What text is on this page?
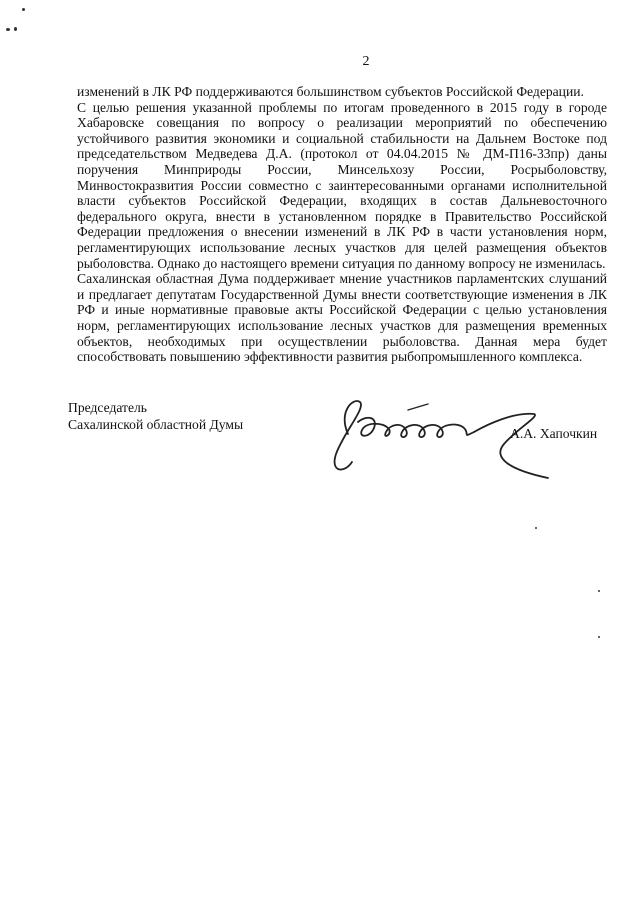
2

изменений в ЛК РФ поддерживаются большинством субъектов Российской Федерации.

С целью решения указанной проблемы по итогам проведенного в 2015 году в городе Хабаровске совещания по вопросу о реализации мероприятий по обеспечению устойчивого развития экономики и социальной стабильности на Дальнем Востоке под председательством Медведева Д.А. (протокол от 04.04.2015 № ДМ-П16-33пр) даны поручения Минприроды России, Минсельхозу России, Росрыболовству, Минвостокразвития России совместно с заинтересованными органами исполнительной власти субъектов Российской Федерации, входящих в состав Дальневосточного федерального округа, внести в установленном порядке в Правительство Российской Федерации предложения о внесении изменений в ЛК РФ в части установления норм, регламентирующих использование лесных участков для целей размещения объектов рыболовства. Однако до настоящего времени ситуация по данному вопросу не изменилась.

Сахалинская областная Дума поддерживает мнение участников парламентских слушаний и предлагает депутатам Государственной Думы внести соответствующие изменения в ЛК РФ и иные нормативные правовые акты Российской Федерации с целью установления норм, регламентирующих использование лесных участков для размещения временных объектов, необходимых при осуществлении рыболовства. Данная мера будет способствовать повышению эффективности развития рыбопромышленного комплекса.

Председатель
Сахалинской областной Думы
А.А. Хапочкин
